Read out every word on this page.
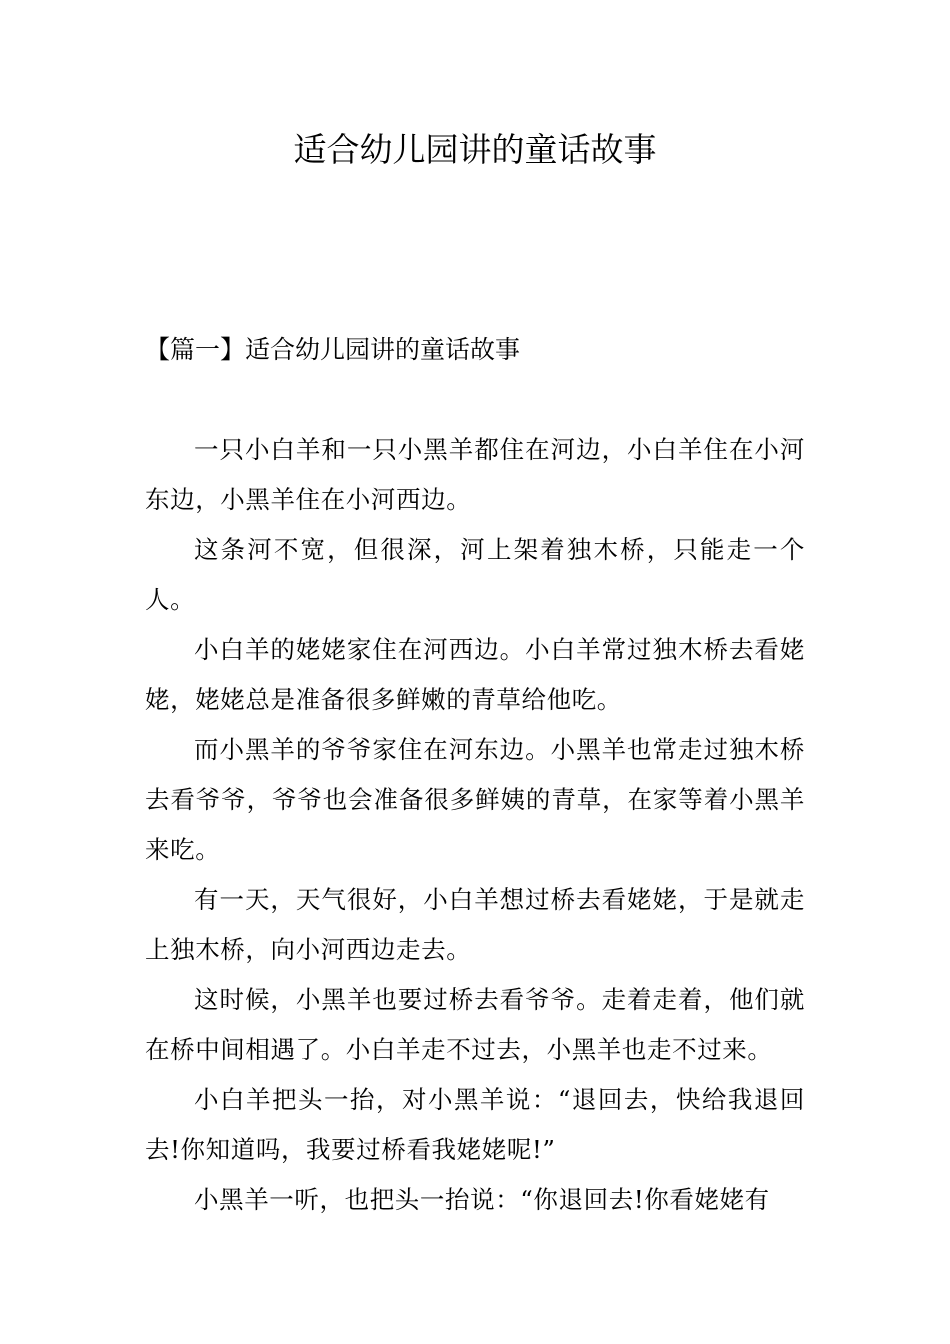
适合幼儿园讲的童话故事
【篇一】适合幼儿园讲的童话故事

一只小白羊和一只小黑羊都住在河边，小白羊住在小河东边，小黑羊住在小河西边。

这条河不宽，但很深，河上架着独木桥，只能走一个人。

小白羊的姥姥家住在河西边。小白羊常过独木桥去看姥姥，姥姥总是准备很多鲜嫩的青草给他吃。

而小黑羊的爷爷家住在河东边。小黑羊也常走过独木桥去看爷爷，爷爷也会准备很多鲜姨的青草，在家等着小黑羊来吃。

有一天，天气很好，小白羊想过桥去看姥姥，于是就走上独木桥，向小河西边走去。

这时候，小黑羊也要过桥去看爷爷。走着走着，他们就在桥中间相遇了。小白羊走不过去，小黑羊也走不过来。

小白羊把头一抬，对小黑羊说：“退回去，快给我退回去!你知道吗，我要过桥看我姥姥呢!”

小黑羊一听，也把头一抬说：“你退回去!你看姥姥有
